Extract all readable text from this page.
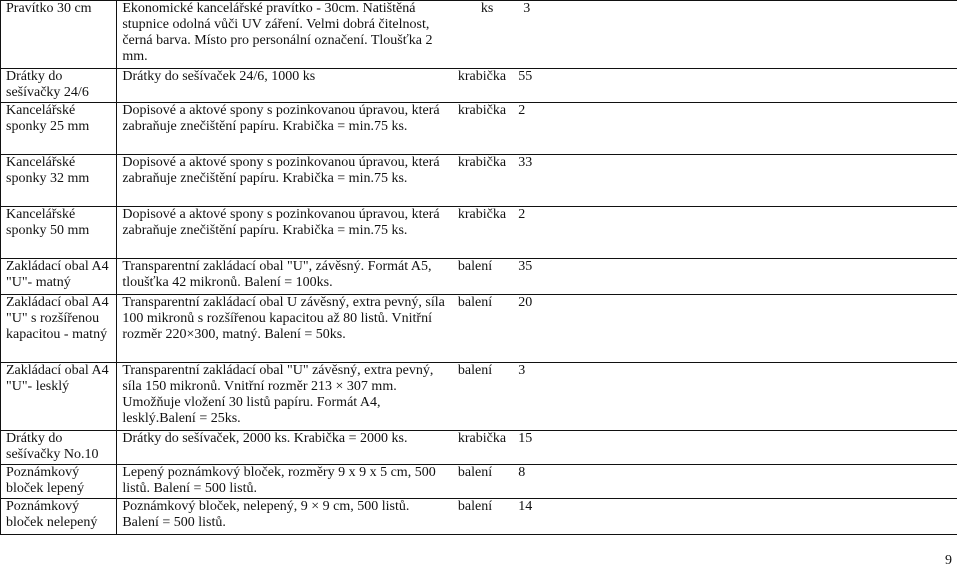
Pravítko 30 cm	Ekonomické kancelářské pravítko - 30cm. Natištěná stupnice odolná vůči UV záření. Velmi dobrá čitelnost, černá barva. Místo pro personální označení. Tloušťka 2 mm.	ks	3
Drátky do sešívačky 24/6	Drátky do sešívaček 24/6, 1000 ks	krabička	55
Kancelářské sponky 25 mm	Dopisové a aktové spony s pozinkovanou úpravou, která zabraňuje znečištění papíru. Krabička = min.75 ks.	krabička	2
Kancelářské sponky 32 mm	Dopisové a aktové spony s pozinkovanou úpravou, která zabraňuje znečištění papíru. Krabička = min.75 ks.	krabička	33
Kancelářské sponky 50 mm	Dopisové a aktové spony s pozinkovanou úpravou, která zabraňuje znečištění papíru. Krabička = min.75 ks.	krabička	2
Zakládací obal A4 "U"- matný	Transparentní zakládací obal "U", závěsný. Formát A5, tloušťka 42 mikronů. Balení = 100ks.	balení	35
Zakládací obal A4 "U" s rozšířenou kapacitou - matný	Transparentní zakládací obal U závěsný, extra pevný, síla 100 mikronů s rozšířenou kapacitou až 80 listů. Vnitřní rozměr 220×300, matný. Balení = 50ks.	balení	20
Zakládací obal A4 "U"- lesklý	Transparentní zakládací obal "U" závěsný, extra pevný, síla 150 mikronů. Vnitřní rozměr 213 × 307 mm. Umožňuje vložení 30 listů papíru. Formát A4, lesklý.Balení = 25ks.	balení	3
Drátky do sešívačky No.10	Drátky do sešívaček, 2000 ks. Krabička = 2000 ks.	krabička	15
Poznámkový bloček lepený	Lepený poznámkový bloček, rozměry 9 x 9 x 5 cm, 500 listů. Balení = 500 listů.	balení	8
Poznámkový bloček nelepený	Poznámkový bloček, nelepený, 9 × 9 cm, 500 listů. Balení = 500 listů.	balení	14
9
